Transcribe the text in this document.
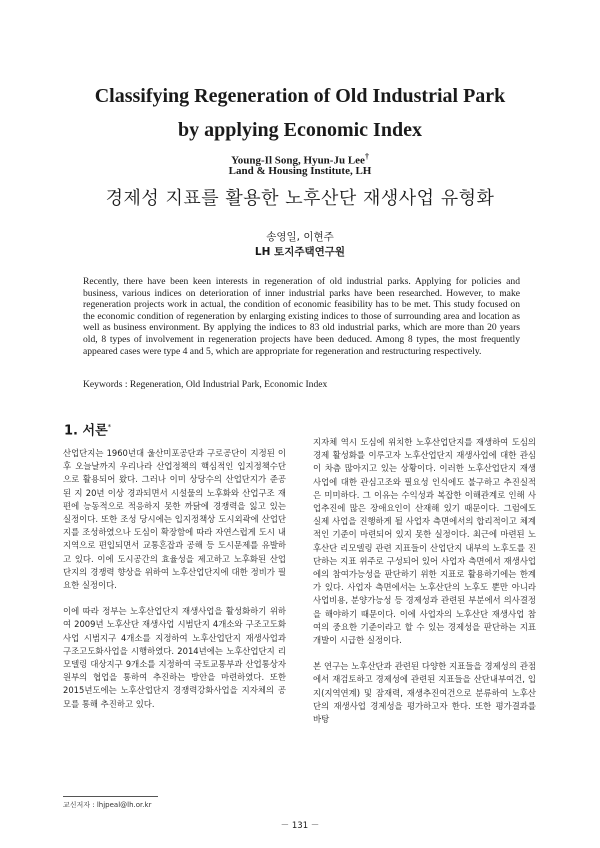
Classifying Regeneration of Old Industrial Park
by applying Economic Index
Young-Il Song, Hyun-Ju Lee†
Land & Housing Institute, LH
경제성 지표를 활용한 노후산단 재생사업 유형화
송영일, 이현주
LH 토지주택연구원

Recently, there have been keen interests in regeneration of old industrial parks. Applying for policies and business, various indices on deterioration of inner industrial parks have been researched. However, to make regeneration projects work in actual, the condition of economic feasibility has to be met. This study focused on the economic condition of regeneration by enlarging existing indices to those of surrounding area and location as well as business environment. By applying the indices to 83 old industrial parks, which are more than 20 years old, 8 types of involvement in regeneration projects have been deduced. Among 8 types, the most frequently appeared cases were type 4 and 5, which are appropriate for regeneration and restructuring respectively.

Keywords : Regeneration, Old Industrial Park, Economic Index
1. 서론*

산업단지는 1960년대 울산미포공단과 구로공단이 지정된 이후 오늘날까지 우리나라 산업정책의 핵심적인 입지정책수단으로 활용되어 왔다. 그러나 이미 상당수의 산업단지가 준공된 지 20년 이상 경과되면서 시설물의 노후화와 산업구조 재편에 능동적으로 적응하지 못한 까닭에 경쟁력을 잃고 있는 실정이다. 또한 조성 당시에는 입지정책상 도시외곽에 산업단지를 조성하였으나 도심이 확장함에 따라 자연스럽게 도시 내 지역으로 편입되면서 교통혼잡과 공해 등 도시문제를 유발하고 있다. 이에 도시공간의 효율성을 제고하고 노후화된 산업단지의 경쟁력 향상을 위하여 노후산업단지에 대한 정비가 필요한 실정이다.

이에 따라 정부는 노후산업단지 재생사업을 활성화하기 위하여 2009년 노후산단 재생사업 시범단지 4개소와 구조고도화사업 시범지구 4개소를 지정하여 노후산업단지 재생사업과 구조고도화사업을 시행하였다. 2014년에는 노후산업단지 리모델링 대상지구 9개소를 지정하여 국토교통부과 산업통상자원부의 협업을 통하여 추진하는 방안을 마련하였다. 또한 2015년도에는 노후산업단지 경쟁력강화사업을 지자체의 공모를 통해 추진하고 있다.

지자체 역시 도심에 위치한 노후산업단지를 재생하여 도심의 경제 활성화를 이루고자 노후산업단지 재생사업에 대한 관심이 차츰 많아지고 있는 상황이다. 이러한 노후산업단지 재생사업에 대한 관심고조와 필요성 인식에도 불구하고 추진실적은 미미하다. 그 이유는 수익성과 복잡한 이해관계로 인해 사업추진에 많은 장애요인이 산재해 있기 때문이다. 그럼에도 실제 사업을 진행하게 될 사업자 측면에서의 합리적이고 체계적인 기준이 마련되어 있지 못한 실정이다. 최근에 마련된 노후산단 리모델링 관련 지표들이 산업단지 내부의 노후도를 진단하는 지표 위주로 구성되어 있어 사업자 측면에서 재생사업에의 참여가능성을 판단하기 위한 지표로 활용하기에는 한계가 있다. 사업자 측면에서는 노후산단의 노후도 뿐만 아니라 사업비용, 분양가능성 등 경제성과 관련된 부분에서 의사결정을 해야하기 때문이다. 이에 사업자의 노후산단 재생사업 참여의 중요한 기준이라고 할 수 있는 경제성을 판단하는 지표개발이 시급한 실정이다.

본 연구는 노후산단과 관련된 다양한 지표들을 경제성의 관점에서 재검토하고 경제성에 관련된 지표들을 산단내부여건, 입지(지역연계) 및 잠재력, 재생추진여건으로 분류하여 노후산단의 재생사업 경제성을 평가하고자 한다. 또한 평가결과를 바탕

교신저자 : lhjpeal@lh.or.kr
－ 131 －
